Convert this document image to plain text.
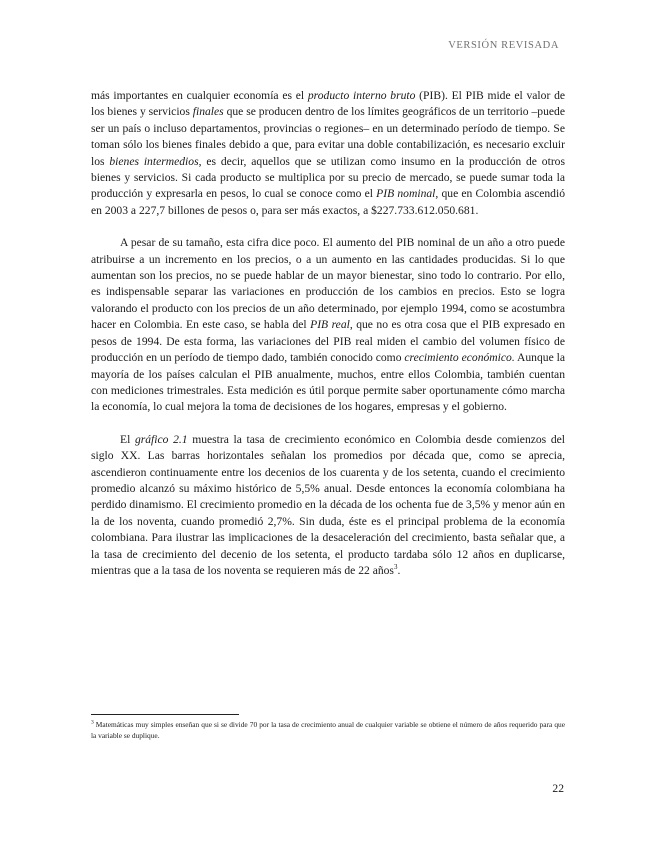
VERSIÓN REVISADA

más importantes en cualquier economía es el producto interno bruto (PIB). El PIB mide el valor de los bienes y servicios finales que se producen dentro de los límites geográficos de un territorio –puede ser un país o incluso departamentos, provincias o regiones– en un determinado período de tiempo. Se toman sólo los bienes finales debido a que, para evitar una doble contabilización, es necesario excluir los bienes intermedios, es decir, aquellos que se utilizan como insumo en la producción de otros bienes y servicios. Si cada producto se multiplica por su precio de mercado, se puede sumar toda la producción y expresarla en pesos, lo cual se conoce como el PIB nominal, que en Colombia ascendió en 2003 a 227,7 billones de pesos o, para ser más exactos, a $227.733.612.050.681.

A pesar de su tamaño, esta cifra dice poco. El aumento del PIB nominal de un año a otro puede atribuirse a un incremento en los precios, o a un aumento en las cantidades producidas. Si lo que aumentan son los precios, no se puede hablar de un mayor bienestar, sino todo lo contrario. Por ello, es indispensable separar las variaciones en producción de los cambios en precios. Esto se logra valorando el producto con los precios de un año determinado, por ejemplo 1994, como se acostumbra hacer en Colombia. En este caso, se habla del PIB real, que no es otra cosa que el PIB expresado en pesos de 1994. De esta forma, las variaciones del PIB real miden el cambio del volumen físico de producción en un período de tiempo dado, también conocido como crecimiento económico. Aunque la mayoría de los países calculan el PIB anualmente, muchos, entre ellos Colombia, también cuentan con mediciones trimestrales. Esta medición es útil porque permite saber oportunamente cómo marcha la economía, lo cual mejora la toma de decisiones de los hogares, empresas y el gobierno.

El gráfico 2.1 muestra la tasa de crecimiento económico en Colombia desde comienzos del siglo XX. Las barras horizontales señalan los promedios por década que, como se aprecia, ascendieron continuamente entre los decenios de los cuarenta y de los setenta, cuando el crecimiento promedio alcanzó su máximo histórico de 5,5% anual. Desde entonces la economía colombiana ha perdido dinamismo. El crecimiento promedio en la década de los ochenta fue de 3,5% y menor aún en la de los noventa, cuando promedió 2,7%. Sin duda, éste es el principal problema de la economía colombiana. Para ilustrar las implicaciones de la desaceleración del crecimiento, basta señalar que, a la tasa de crecimiento del decenio de los setenta, el producto tardaba sólo 12 años en duplicarse, mientras que a la tasa de los noventa se requieren más de 22 años$^3$.

$^3$ Matemáticas muy simples enseñan que si se divide 70 por la tasa de crecimiento anual de cualquier variable se obtiene el número de años requerido para que la variable se duplique.
22
